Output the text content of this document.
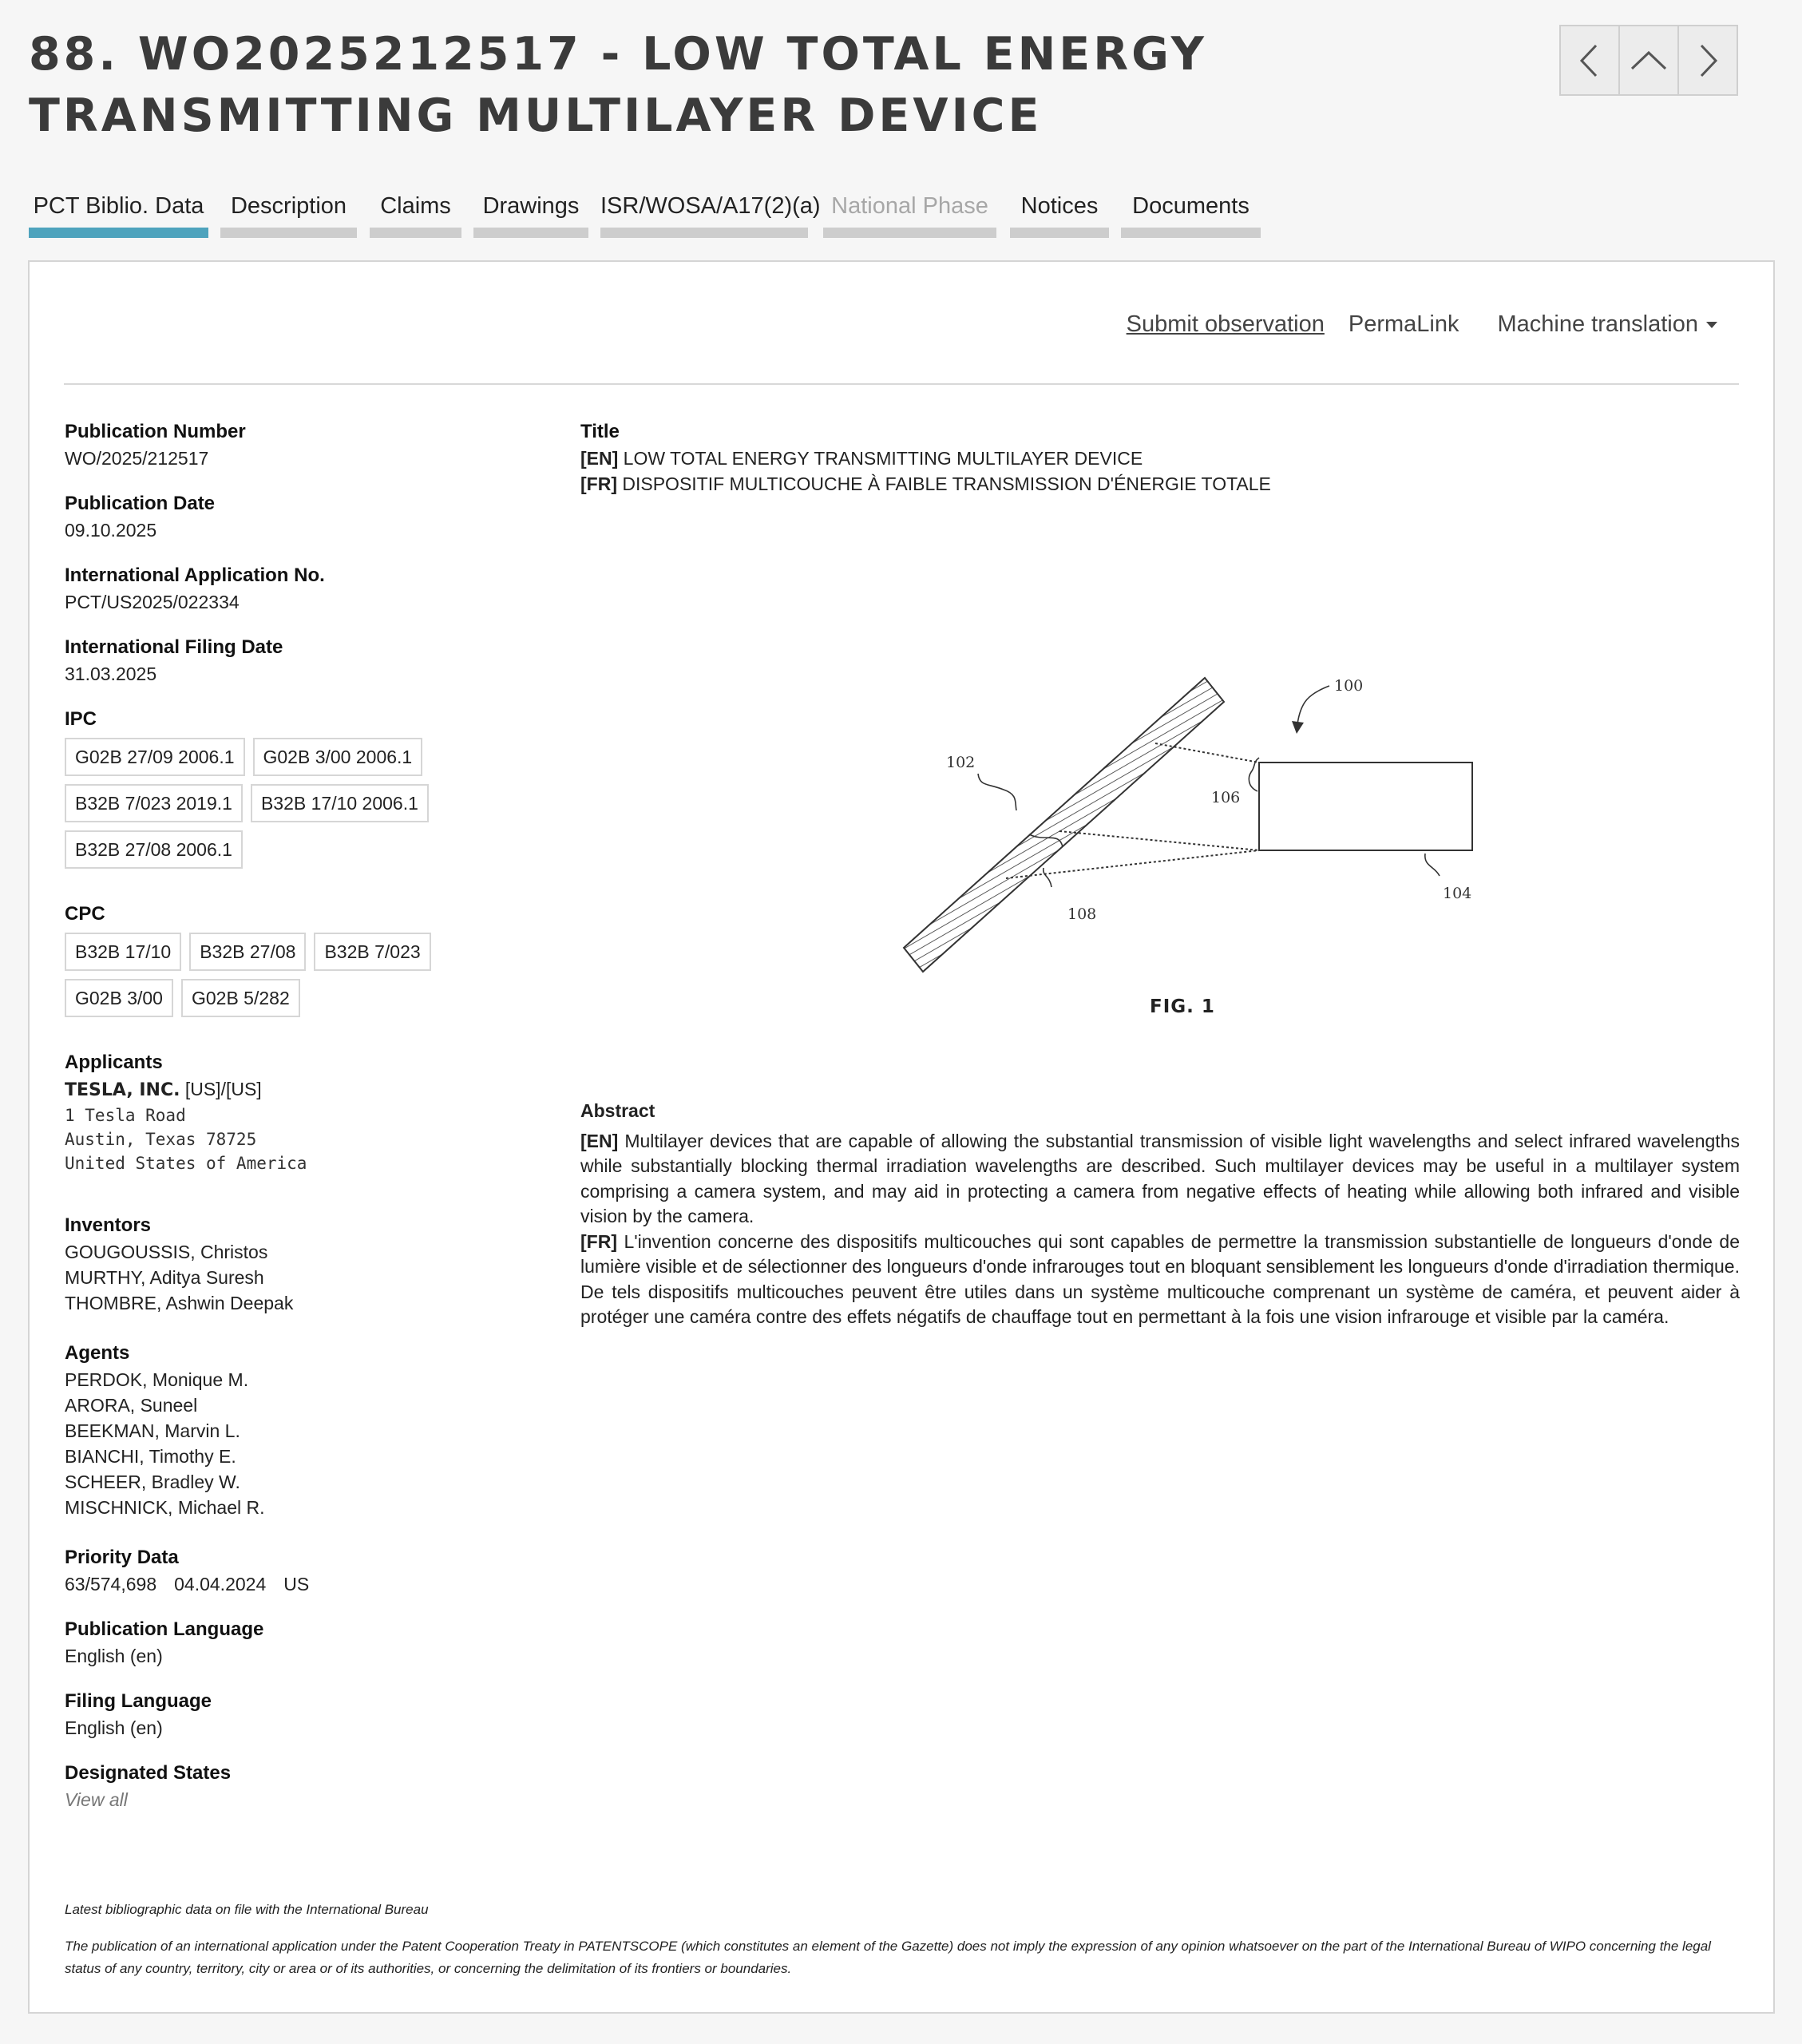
88. WO2025212517 - LOW TOTAL ENERGY TRANSMITTING MULTILAYER DEVICE
PCT Biblio. Data	Description	Claims	Drawings ISR/WOSA/A17(2)(a) National Phase	Notices	Documents
Submit observation PermaLink Machine translation

Publication Number

WO/2025/212517

Publication Date

09.10.2025

International Application No.

PCT/US2025/022334

International Filing Date

31.03.2025

IPC

G02B 27/09 2006.1	G02B 3/00 2006.1
B32B 7/023 2019.1	B32B 17/10 2006.1
B32B 27/08 2006.1

CPC

B32B 17/10	B32B 27/08	B32B 7/023
G02B 3/00	G02B 5/282

Applicants

TESLA, INC. [US]/[US]

1 Tesla Road
Austin, Texas 78725
United States of America

Inventors

GOUGOUSSIS, Christos

MURTHY, Aditya Suresh

THOMBRE, Ashwin Deepak

Agents

PERDOK, Monique M.

ARORA, Suneel

BEEKMAN, Marvin L.

BIANCHI, Timothy E.

SCHEER, Bradley W.

MISCHNICK, Michael R.

Priority Data

63/574,698 04.04.2024 US

Publication Language

English (en)

Filing Language

English (en)

Designated States

View all

Title

[EN] LOW TOTAL ENERGY TRANSMITTING MULTILAYER DEVICE

[FR] DISPOSITIF MULTICOUCHE À FAIBLE TRANSMISSION D'ÉNERGIE TOTALE

100
102
106
104
108
FIG. 1

Abstract

[EN] Multilayer devices that are capable of allowing the substantial transmission of visible light wavelengths and select infrared wavelengths while substantially blocking thermal irradiation wavelengths are described. Such multilayer devices may be useful in a multilayer system comprising a camera system, and may aid in protecting a camera from negative effects of heating while allowing both infrared and visible vision by the camera.

[FR] L'invention concerne des dispositifs multicouches qui sont capables de permettre la transmission substantielle de longueurs d'onde de lumière visible et de sélectionner des longueurs d'onde infrarouges tout en bloquant sensiblement les longueurs d'onde d'irradiation thermique. De tels dispositifs multicouches peuvent être utiles dans un système multicouche comprenant un système de caméra, et peuvent aider à protéger une caméra contre des effets négatifs de chauffage tout en permettant à la fois une vision infrarouge et visible par la caméra.

Latest bibliographic data on file with the International Bureau
The publication of an international application under the Patent Cooperation Treaty in PATENTSCOPE (which constitutes an element of the Gazette) does not imply the expression of any opinion whatsoever on the part of the International Bureau of WIPO concerning the legal status of any country, territory, city or area or of its authorities, or concerning the delimitation of its frontiers or boundaries.
